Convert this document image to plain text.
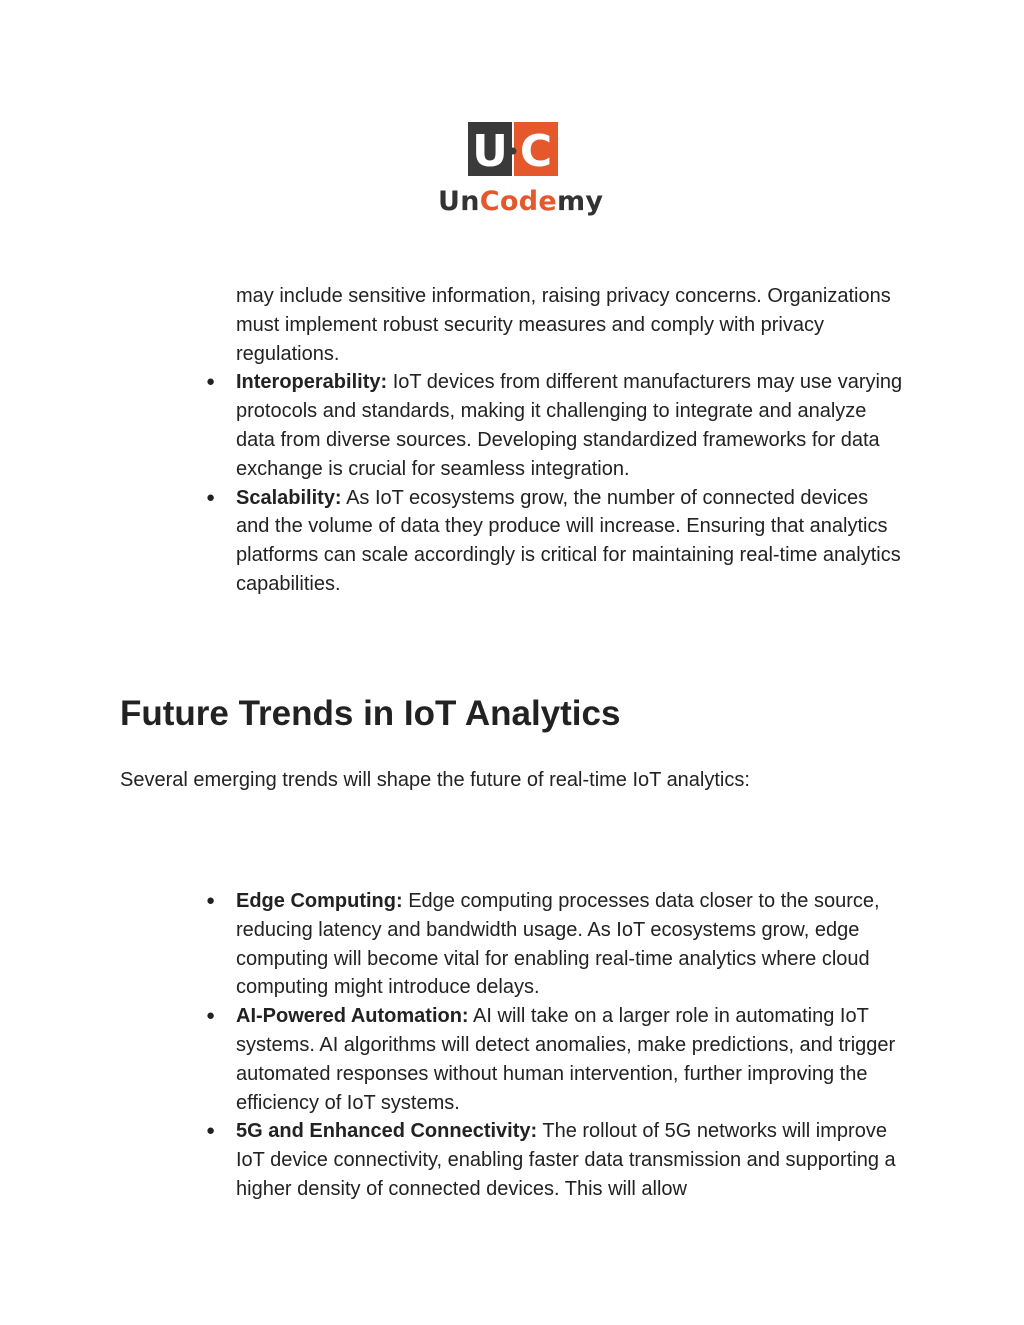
U C
UnCodemy
may include sensitive information, raising privacy concerns. Organizations must implement robust security measures and comply with privacy regulations.
● Interoperability: IoT devices from different manufacturers may use varying protocols and standards, making it challenging to integrate and analyze data from diverse sources. Developing standardized frameworks for data exchange is crucial for seamless integration.
● Scalability: As IoT ecosystems grow, the number of connected devices and the volume of data they produce will increase. Ensuring that analytics platforms can scale accordingly is critical for maintaining real-time analytics capabilities.
Future Trends in IoT Analytics

Several emerging trends will shape the future of real-time IoT analytics:

● Edge Computing: Edge computing processes data closer to the source, reducing latency and bandwidth usage. As IoT ecosystems grow, edge computing will become vital for enabling real-time analytics where cloud computing might introduce delays.
● AI-Powered Automation: AI will take on a larger role in automating IoT systems. AI algorithms will detect anomalies, make predictions, and trigger automated responses without human intervention, further improving the efficiency of IoT systems.
● 5G and Enhanced Connectivity: The rollout of 5G networks will improve IoT device connectivity, enabling faster data transmission and supporting a higher density of connected devices. This will allow
